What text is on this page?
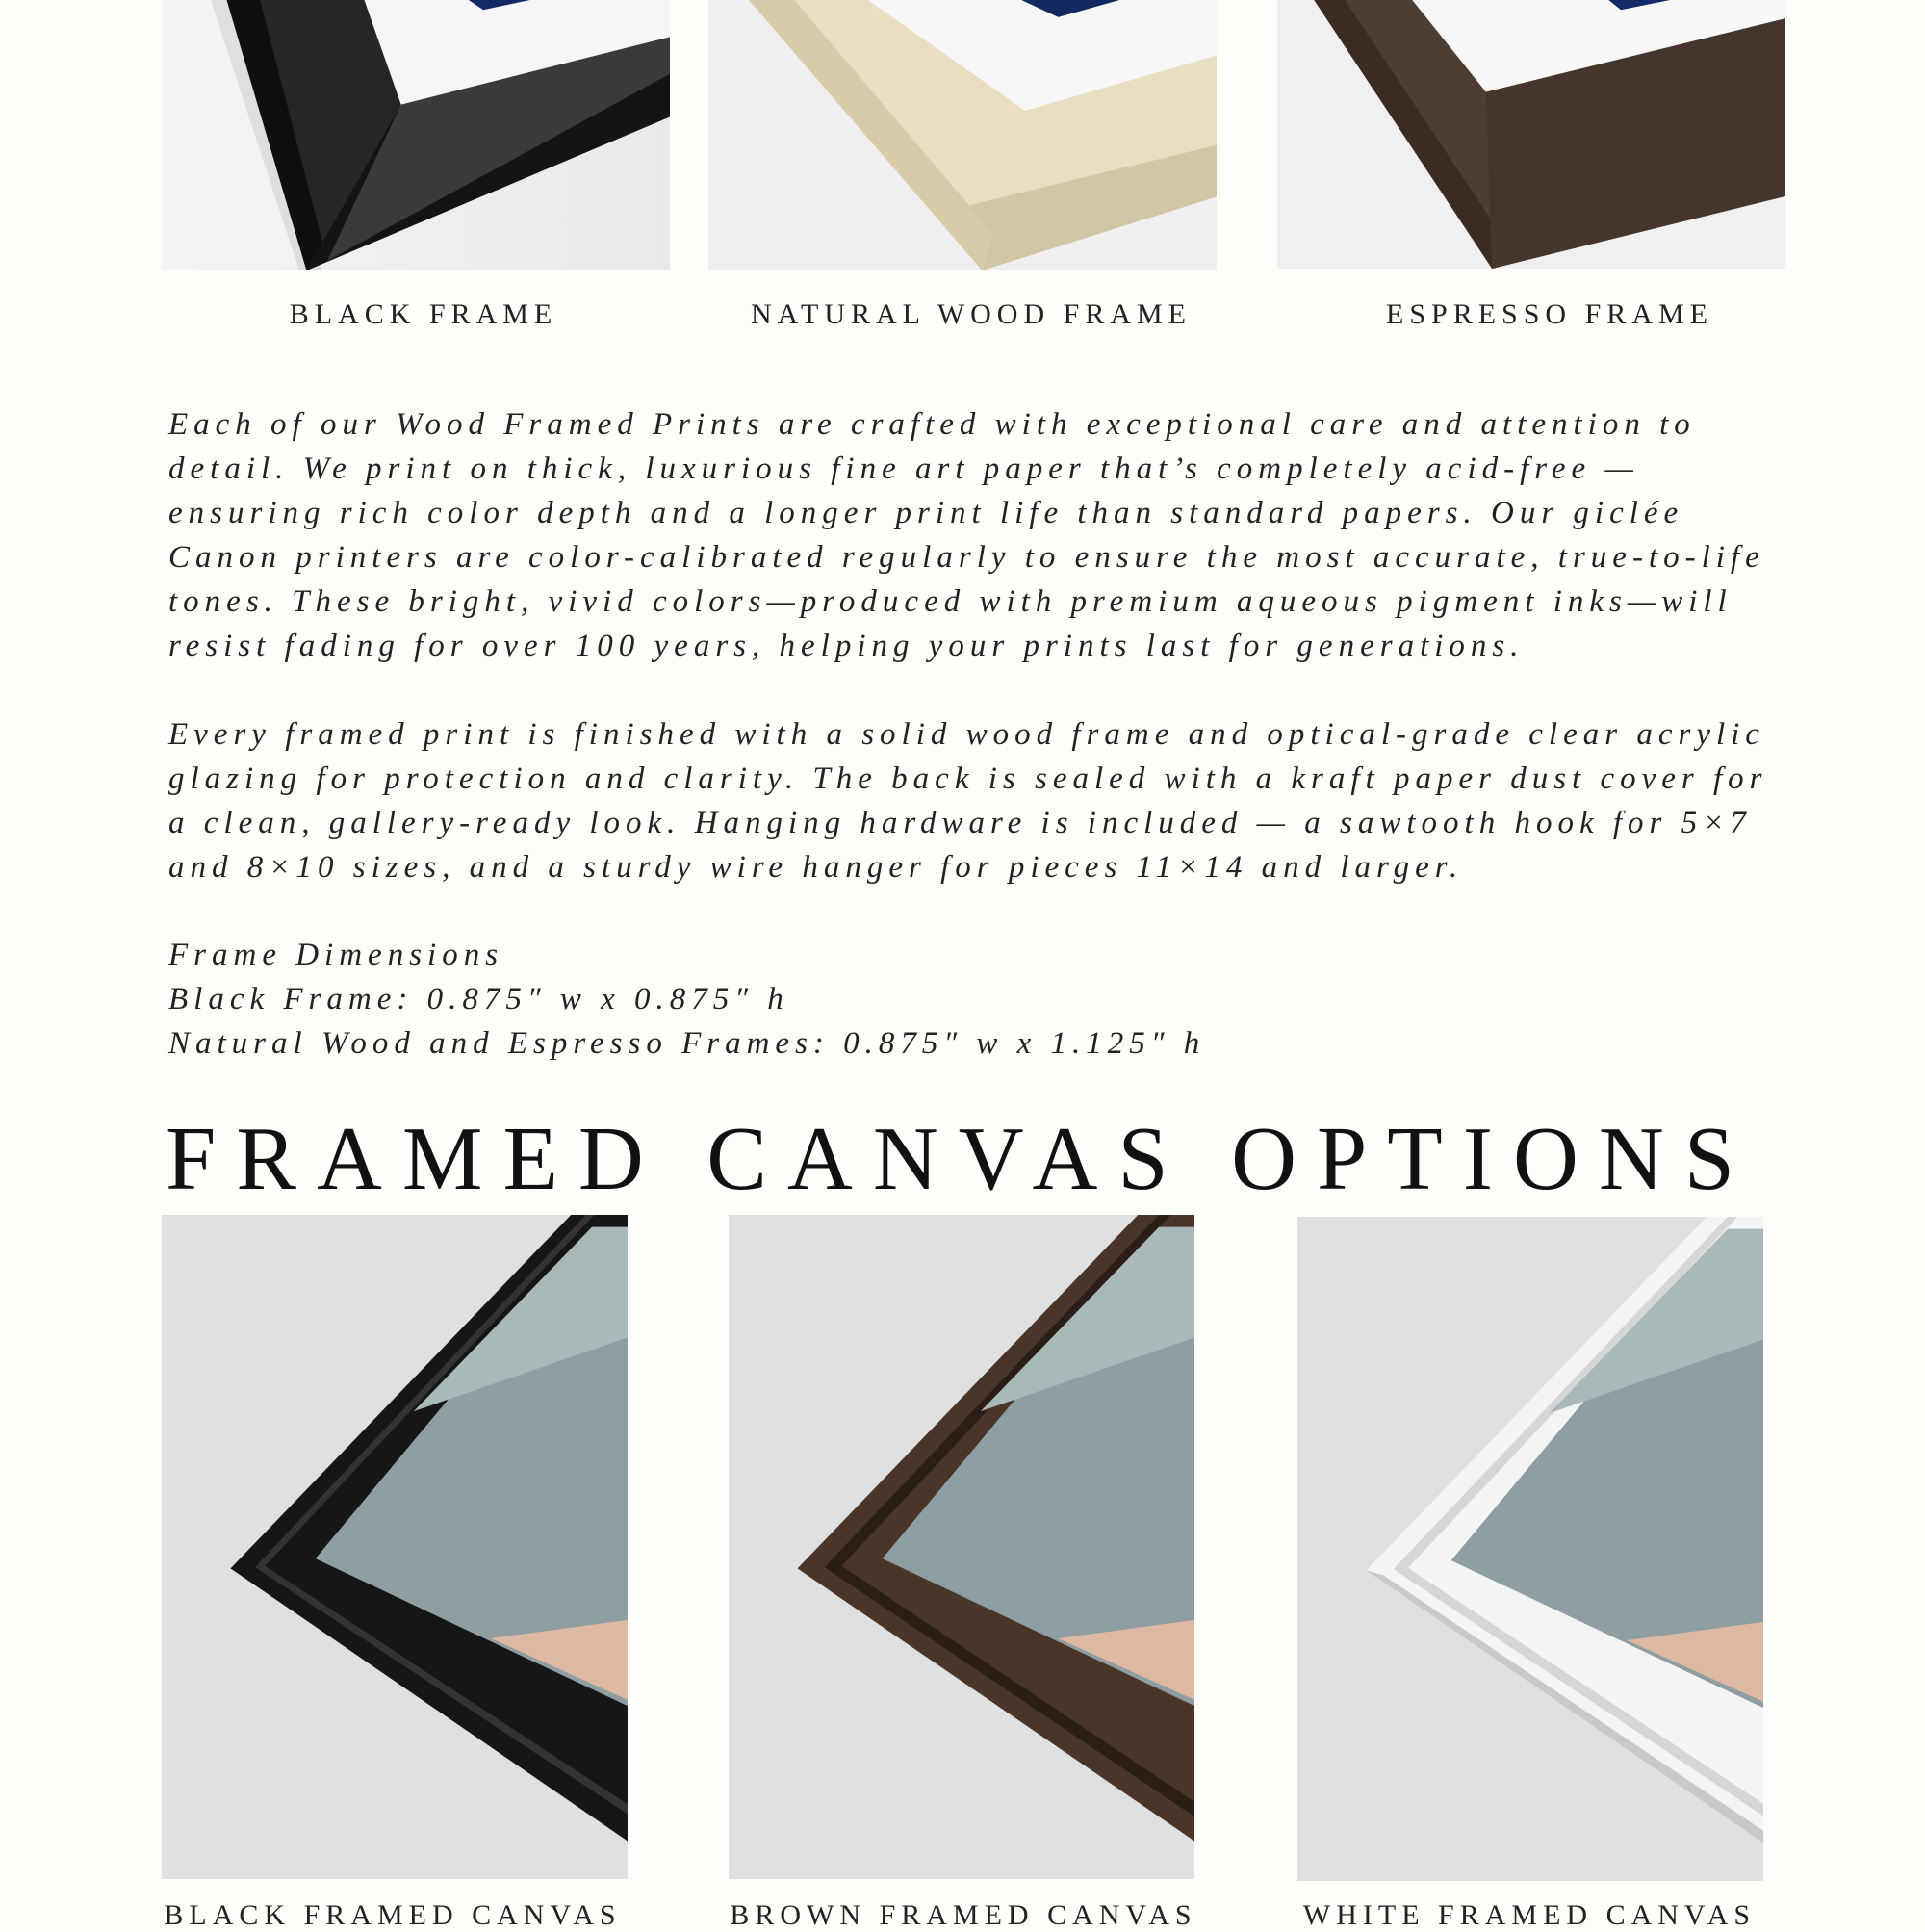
BLACK FRAME	NATURAL WOOD FRAME	ESPRESSO FRAME
Each of our Wood Framed Prints are crafted with exceptional care and attention to
detail. We print on thick, luxurious fine art paper that’s completely acid-free —
ensuring rich color depth and a longer print life than standard papers. Our giclée
Canon printers are color-calibrated regularly to ensure the most accurate, true-to-life
tones. These bright, vivid colors—produced with premium aqueous pigment inks—will
resist fading for over 100 years, helping your prints last for generations.
Every framed print is finished with a solid wood frame and optical-grade clear acrylic
glazing for protection and clarity. The back is sealed with a kraft paper dust cover for
a clean, gallery-ready look. Hanging hardware is included — a sawtooth hook for 5×7
and 8×10 sizes, and a sturdy wire hanger for pieces 11×14 and larger.
Frame Dimensions
Black Frame: 0.875″ w x 0.875″ h
Natural Wood and Espresso Frames: 0.875″ w x 1.125″ h
FRAMED CANVAS OPTIONS
BLACK FRAMED CANVAS	BROWN FRAMED CANVAS	WHITE FRAMED CANVAS
